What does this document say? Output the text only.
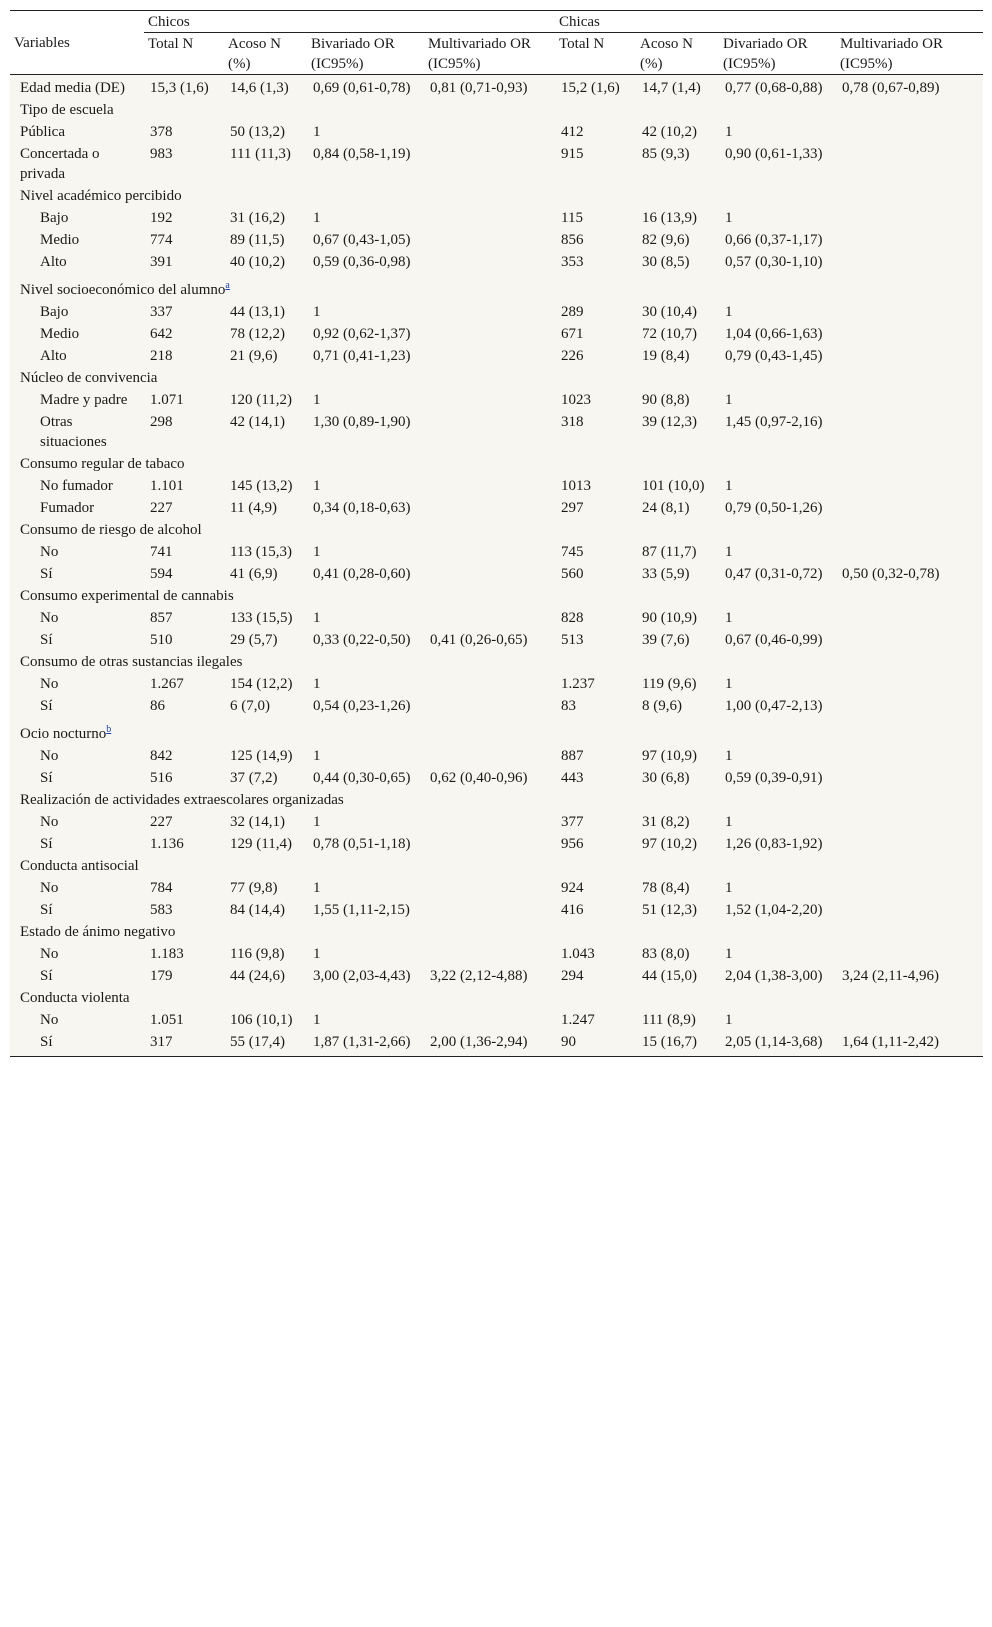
Variables	Chicos				Chicas			
	Total N	Acoso N (%)	Bivariado OR (IC95%)	Multivariado OR (IC95%)	Total N	Acoso N (%)	Divariado OR (IC95%)	Multivariado OR (IC95%)
Edad media (DE)	15,3 (1,6)	14,6 (1,3)	0,69 (0,61-0,78)	0,81 (0,71-0,93)	15,2 (1,6)	14,7 (1,4)	0,77 (0,68-0,88)	0,78 (0,67-0,89)
Tipo de escuela								
Pública	378	50 (13,2)	1		412	42 (10,2)	1	
Concertada o privada	983	111 (11,3)	0,84 (0,58-1,19)		915	85 (9,3)	0,90 (0,61-1,33)	
Nivel académico percibido								
Bajo	192	31 (16,2)	1		115	16 (13,9)	1	
Medio	774	89 (11,5)	0,67 (0,43-1,05)		856	82 (9,6)	0,66 (0,37-1,17)	
Alto	391	40 (10,2)	0,59 (0,36-0,98)		353	30 (8,5)	0,57 (0,30-1,10)	
Nivel socioeconómico del alumno$^a$
Bajo	337	44 (13,1)	1		289	30 (10,4)	1	
Medio	642	78 (12,2)	0,92 (0,62-1,37)		671	72 (10,7)	1,04 (0,66-1,63)	
Alto	218	21 (9,6)	0,71 (0,41-1,23)		226	19 (8,4)	0,79 (0,43-1,45)	
Núcleo de convivencia								
Madre y padre	1.071	120 (11,2)	1		1023	90 (8,8)	1	
Otras situaciones	298	42 (14,1)	1,30 (0,89-1,90)		318	39 (12,3)	1,45 (0,97-2,16)	
Consumo regular de tabaco								
No fumador	1.101	145 (13,2)	1		1013	101 (10,0)	1	
Fumador	227	11 (4,9)	0,34 (0,18-0,63)		297	24 (8,1)	0,79 (0,50-1,26)	
Consumo de riesgo de alcohol								
No	741	113 (15,3)	1		745	87 (11,7)	1	
Sí	594	41 (6,9)	0,41 (0,28-0,60)		560	33 (5,9)	0,47 (0,31-0,72)	0,50 (0,32-0,78)
Consumo experimental de cannabis								
No	857	133 (15,5)	1		828	90 (10,9)	1	
Sí	510	29 (5,7)	0,33 (0,22-0,50)	0,41 (0,26-0,65)	513	39 (7,6)	0,67 (0,46-0,99)	
Consumo de otras sustancias ilegales								
No	1.267	154 (12,2)	1		1.237	119 (9,6)	1	
Sí	86	6 (7,0)	0,54 (0,23-1,26)		83	8 (9,6)	1,00 (0,47-2,13)	
Ocio nocturno$^b$
No	842	125 (14,9)	1		887	97 (10,9)	1	
Sí	516	37 (7,2)	0,44 (0,30-0,65)	0,62 (0,40-0,96)	443	30 (6,8)	0,59 (0,39-0,91)	
Realización de actividades extraescolares organizadas								
No	227	32 (14,1)	1		377	31 (8,2)	1	
Sí	1.136	129 (11,4)	0,78 (0,51-1,18)		956	97 (10,2)	1,26 (0,83-1,92)	
Conducta antisocial								
No	784	77 (9,8)	1		924	78 (8,4)	1	
Sí	583	84 (14,4)	1,55 (1,11-2,15)		416	51 (12,3)	1,52 (1,04-2,20)	
Estado de ánimo negativo								
No	1.183	116 (9,8)	1		1.043	83 (8,0)	1	
Sí	179	44 (24,6)	3,00 (2,03-4,43)	3,22 (2,12-4,88)	294	44 (15,0)	2,04 (1,38-3,00)	3,24 (2,11-4,96)
Conducta violenta								
No	1.051	106 (10,1)	1		1.247	111 (8,9)	1	
Sí	317	55 (17,4)	1,87 (1,31-2,66)	2,00 (1,36-2,94)	90	15 (16,7)	2,05 (1,14-3,68)	1,64 (1,11-2,42)
